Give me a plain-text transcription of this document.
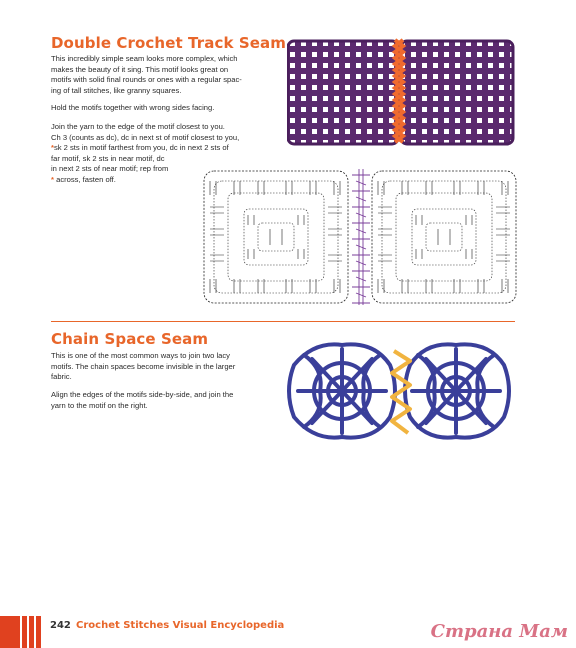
Double Crochet Track Seam
This incredibly simple seam looks more complex, which
makes the beauty of it sing. This motif looks great on
motifs with solid final rounds or ones with a regular spac-
ing of tall stitches, like granny squares.

Hold the motifs together with wrong sides facing.

Join the yarn to the edge of the motif closest to you.
Ch 3 (counts as dc), dc in next st of motif closest to you,
*sk 2 sts in motif farthest from you, dc in next 2 sts of
far motif, sk 2 sts in near motif, dc
in next 2 sts of near motif; rep from
* across, fasten off.
Chain Space Seam
This is one of the most common ways to join two lacy
motifs. The chain spaces become invisible in the larger
fabric.
Align the edges of the motifs side-by-side, and join the
yarn to the motif on the right.

242 Crochet Stitches Visual Encyclopedia	Страна Мам
